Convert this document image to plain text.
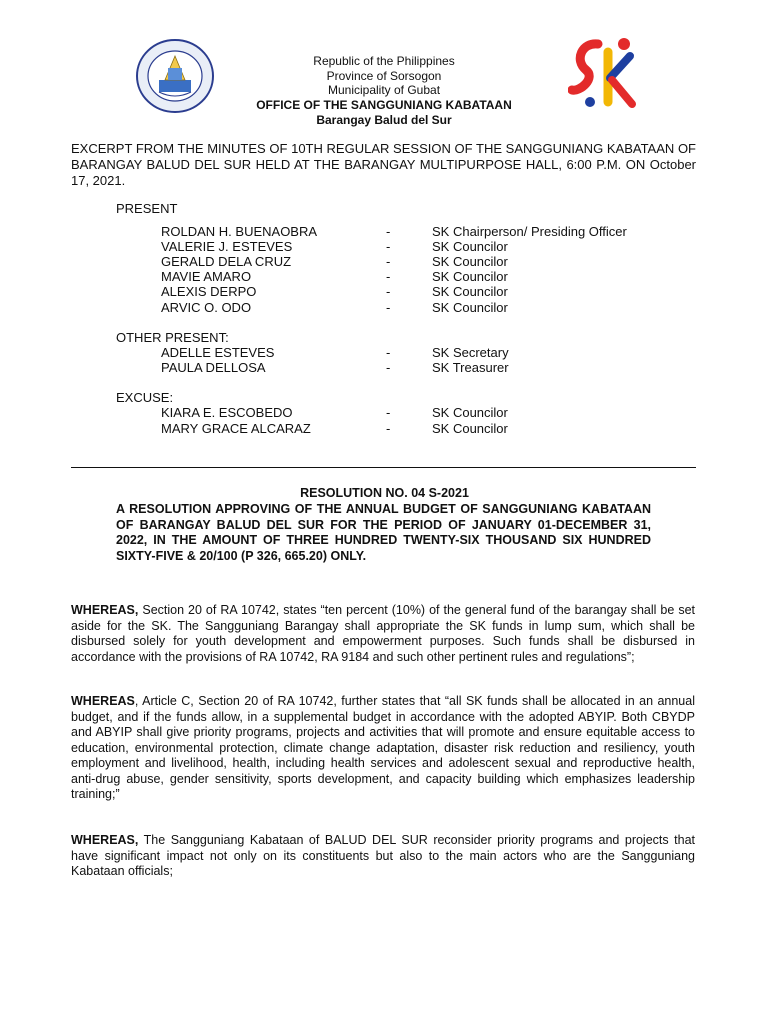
Republic of the Philippines
Province of Sorsogon
Municipality of Gubat
OFFICE OF THE SANGGUNIANG KABATAAN
Barangay Balud del Sur
EXCERPT FROM THE MINUTES OF 10TH REGULAR SESSION OF THE SANGGUNIANG KABATAAN OF BARANGAY BALUD DEL SUR HELD AT THE BARANGAY MULTIPURPOSE HALL, 6:00 P.M. ON October 17, 2021.
PRESENT
ROLDAN H. BUENAOBRA	-	SK Chairperson/ Presiding Officer
VALERIE J. ESTEVES	-	SK Councilor
GERALD DELA CRUZ	-	SK Councilor
MAVIE AMARO	-	SK Councilor
ALEXIS DERPO	-	SK Councilor
ARVIC O. ODO	-	SK Councilor
OTHER PRESENT:
ADELLE ESTEVES	-	SK Secretary
PAULA DELLOSA	-	SK Treasurer
EXCUSE:
KIARA E. ESCOBEDO	-	SK Councilor
MARY GRACE ALCARAZ	-	SK Councilor
RESOLUTION NO. 04 S-2021
A RESOLUTION APPROVING OF THE ANNUAL BUDGET OF SANGGUNIANG KABATAAN OF BARANGAY BALUD DEL SUR FOR THE PERIOD OF JANUARY 01-DECEMBER 31, 2022, IN THE AMOUNT OF THREE HUNDRED TWENTY-SIX THOUSAND SIX HUNDRED SIXTY-FIVE & 20/100 (P 326, 665.20) ONLY.
WHEREAS, Section 20 of RA 10742, states “ten percent (10%) of the general fund of the barangay shall be set aside for the SK. The Sangguniang Barangay shall appropriate the SK funds in lump sum, which shall be disbursed solely for youth development and empowerment purposes. Such funds shall be disbursed in accordance with the provisions of RA 10742, RA 9184 and such other pertinent rules and regulations”;
WHEREAS, Article C, Section 20 of RA 10742, further states that “all SK funds shall be allocated in an annual budget, and if the funds allow, in a supplemental budget in accordance with the adopted ABYIP. Both CBYDP and ABYIP shall give priority programs, projects and activities that will promote and ensure equitable access to education, environmental protection, climate change adaptation, disaster risk reduction and resiliency, youth employment and livelihood, health, including health services and adolescent sexual and reproductive health, anti-drug abuse, gender sensitivity, sports development, and capacity building which emphasizes leadership training;”
WHEREAS, The Sangguniang Kabataan of BALUD DEL SUR reconsider priority programs and projects that have significant impact not only on its constituents but also to the main actors who are the Sangguniang Kabataan officials;
